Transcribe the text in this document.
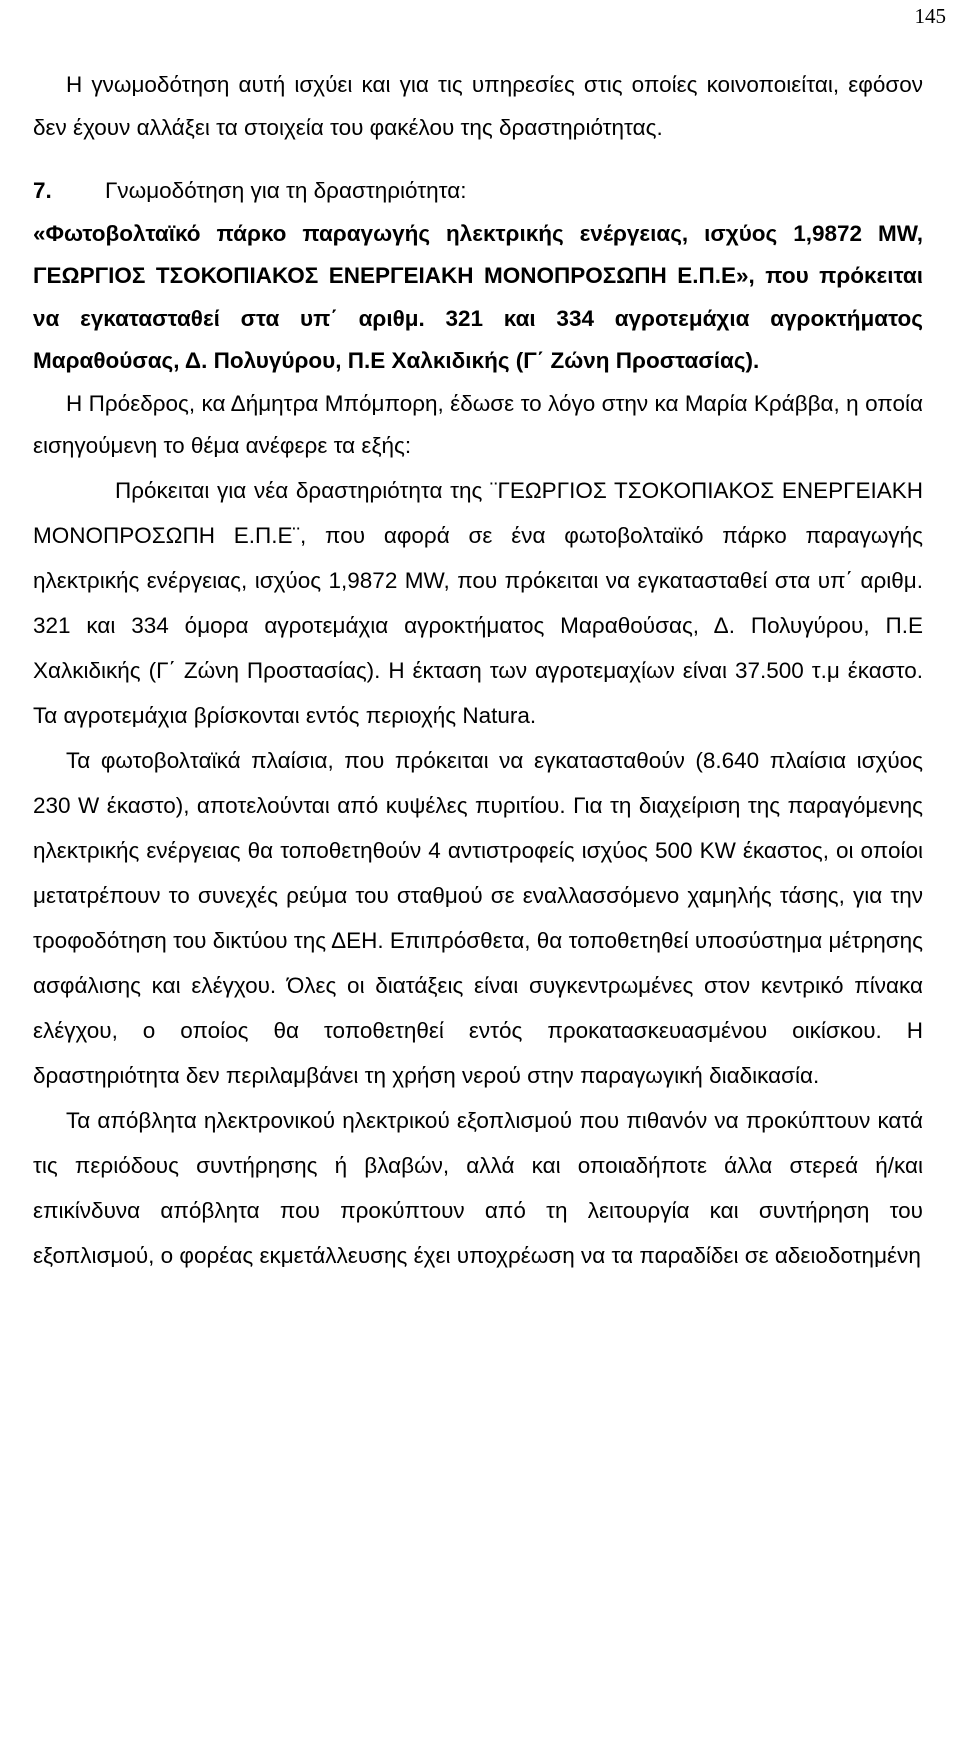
145

Η γνωμοδότηση αυτή ισχύει και για τις υπηρεσίες στις οποίες κοινοποιείται, εφόσον δεν έχουν αλλάξει τα στοιχεία του φακέλου της δραστηριότητας.

7. Γνωμοδότηση για τη δραστηριότητα:
«Φωτοβολταϊκό πάρκο παραγωγής ηλεκτρικής ενέργειας, ισχύος 1,9872 MW, ΓΕΩΡΓΙΟΣ ΤΣΟΚΟΠΙΑΚΟΣ ΕΝΕΡΓΕΙΑΚΗ ΜΟΝΟΠΡΟΣΩΠΗ Ε.Π.Ε», που πρόκειται να εγκατασταθεί στα υπ΄ αριθμ. 321 και 334 αγροτεμάχια αγροκτήματος Μαραθούσας, Δ. Πολυγύρου, Π.Ε Χαλκιδικής (Γ΄ Ζώνη Προστασίας).

Η Πρόεδρος, κα Δήμητρα Μπόμπορη, έδωσε το λόγο στην κα Μαρία Κράββα, η οποία εισηγούμενη το θέμα ανέφερε τα εξής:

Πρόκειται για νέα δραστηριότητα της ¨ΓΕΩΡΓΙΟΣ ΤΣΟΚΟΠΙΑΚΟΣ ΕΝΕΡΓΕΙΑΚΗ ΜΟΝΟΠΡΟΣΩΠΗ Ε.Π.Ε¨, που αφορά σε ένα φωτοβολταϊκό πάρκο παραγωγής ηλεκτρικής ενέργειας, ισχύος 1,9872 MW, που πρόκειται να εγκατασταθεί στα υπ΄ αριθμ. 321 και 334 όμορα αγροτεμάχια αγροκτήματος Μαραθούσας, Δ. Πολυγύρου, Π.Ε Χαλκιδικής (Γ΄ Ζώνη Προστασίας). Η έκταση των αγροτεμαχίων είναι 37.500 τ.μ έκαστο. Τα αγροτεμάχια βρίσκονται εντός περιοχής Natura.

Τα φωτοβολταϊκά πλαίσια, που πρόκειται να εγκατασταθούν (8.640 πλαίσια ισχύος 230 W έκαστο), αποτελούνται από κυψέλες πυριτίου. Για τη διαχείριση της παραγόμενης ηλεκτρικής ενέργειας θα τοποθετηθούν 4 αντιστροφείς ισχύος 500 KW έκαστος, οι οποίοι μετατρέπουν το συνεχές ρεύμα του σταθμού σε εναλλασσόμενο χαμηλής τάσης, για την τροφοδότηση του δικτύου της ΔΕΗ. Επιπρόσθετα, θα τοποθετηθεί υποσύστημα μέτρησης ασφάλισης και ελέγχου. Όλες οι διατάξεις είναι συγκεντρωμένες στον κεντρικό πίνακα ελέγχου, ο οποίος θα τοποθετηθεί εντός προκατασκευασμένου οικίσκου. Η δραστηριότητα δεν περιλαμβάνει τη χρήση νερού στην παραγωγική διαδικασία.

Τα απόβλητα ηλεκτρονικού ηλεκτρικού εξοπλισμού που πιθανόν να προκύπτουν κατά τις περιόδους συντήρησης ή βλαβών, αλλά και οποιαδήποτε άλλα στερεά ή/και επικίνδυνα απόβλητα που προκύπτουν από τη λειτουργία και συντήρηση του εξοπλισμού, ο φορέας εκμετάλλευσης έχει υποχρέωση να τα παραδίδει σε αδειοδοτημένη
